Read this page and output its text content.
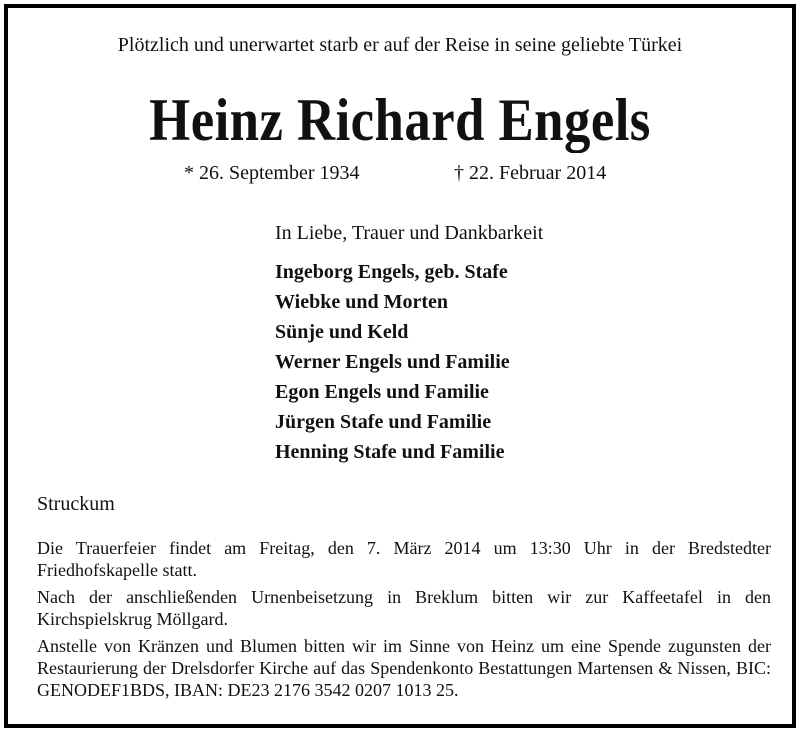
Plötzlich und unerwartet starb er auf der Reise in seine geliebte Türkei
Heinz Richard Engels
* 26. September 1934	† 22. Februar 2014
In Liebe, Trauer und Dankbarkeit
Ingeborg Engels, geb. Stafe
Wiebke und Morten
Sünje und Keld
Werner Engels und Familie
Egon Engels und Familie
Jürgen Stafe und Familie
Henning Stafe und Familie
Struckum
Die Trauerfeier findet am Freitag, den 7. März 2014 um 13:30 Uhr in der Bredstedter Friedhofskapelle statt.
Nach der anschließenden Urnenbeisetzung in Breklum bitten wir zur Kaffeetafel in den Kirchspielskrug Möllgard.
Anstelle von Kränzen und Blumen bitten wir im Sinne von Heinz um eine Spende zugunsten der Restaurierung der Drelsdorfer Kirche auf das Spendenkonto Bestattungen Martensen & Nissen, BIC: GENODEF1BDS, IBAN: DE23 2176 3542 0207 1013 25.
